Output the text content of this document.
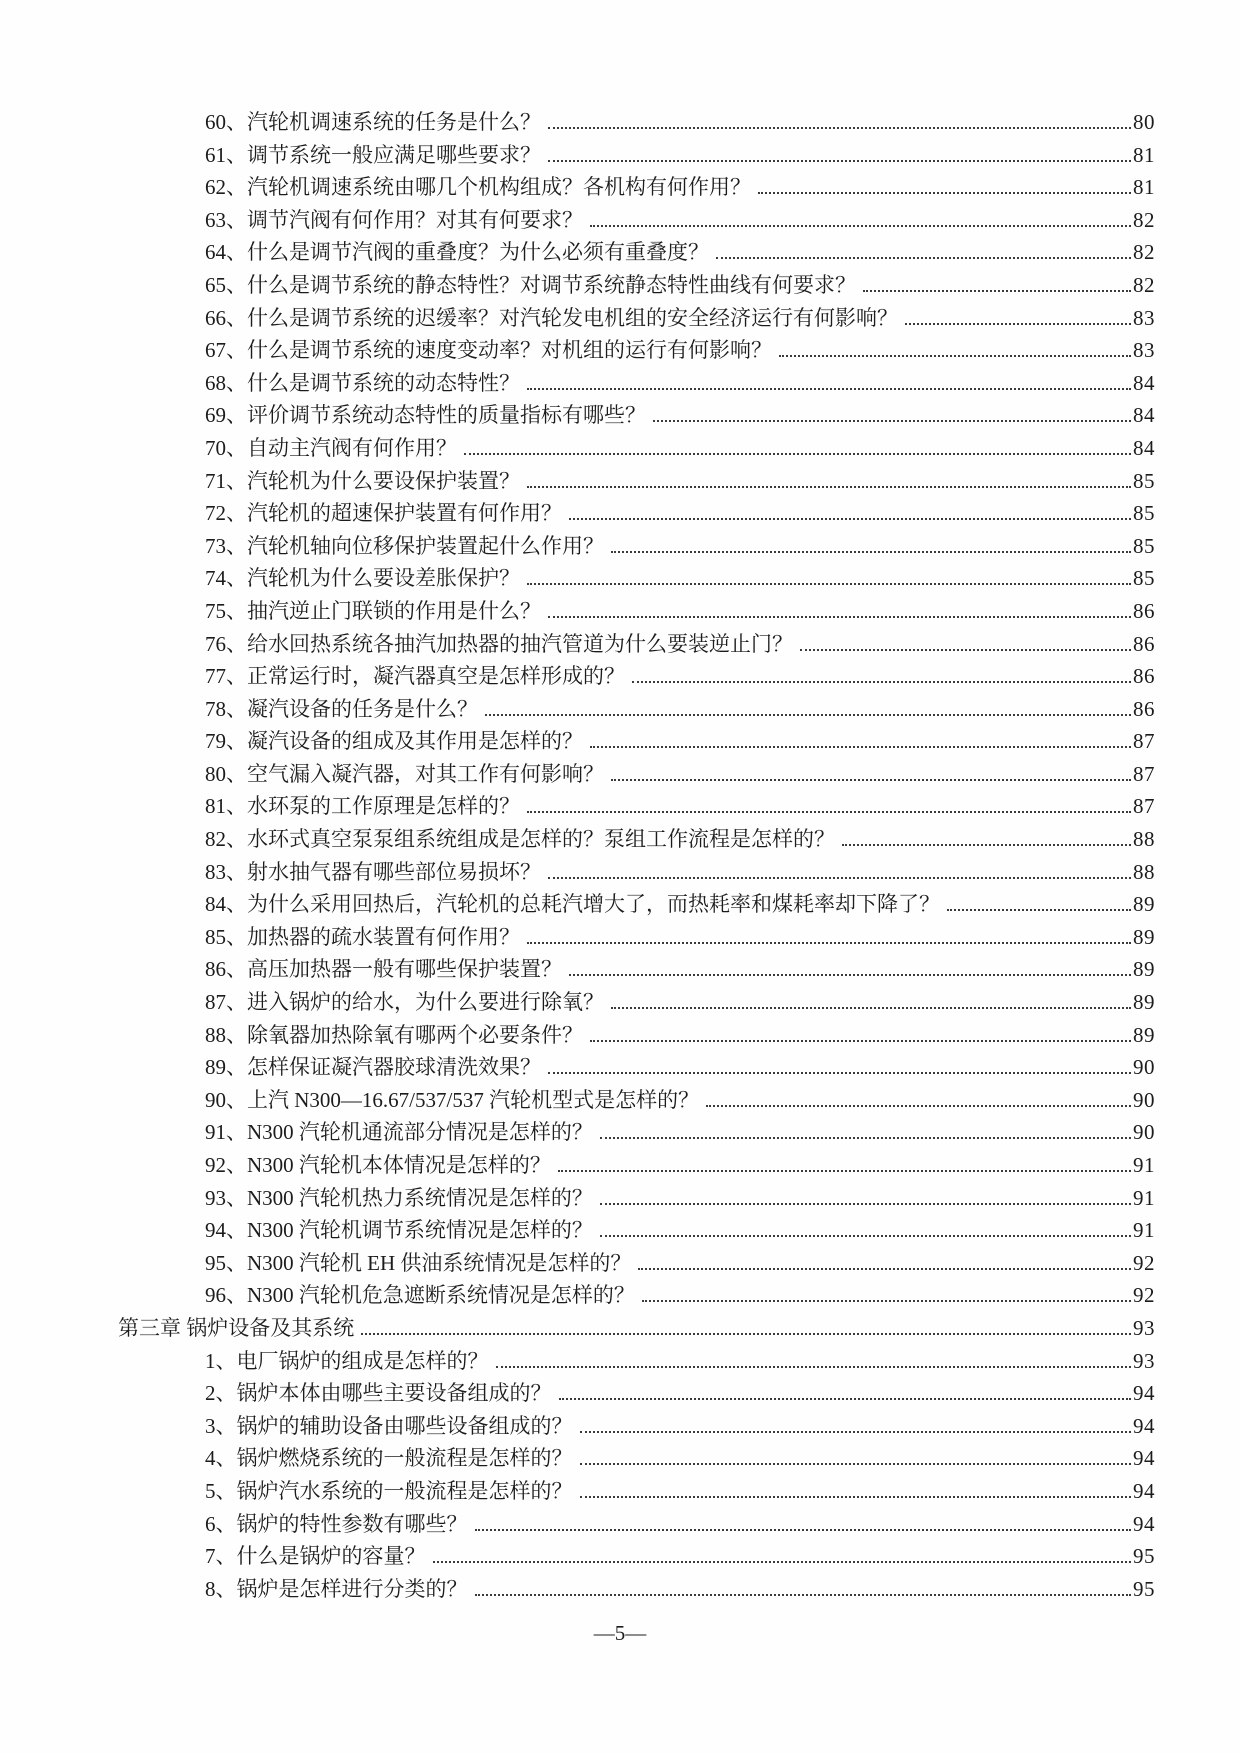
60、汽轮机调速系统的任务是什么？	80
61、调节系统一般应满足哪些要求？	81
62、汽轮机调速系统由哪几个机构组成？各机构有何作用？	81
63、调节汽阀有何作用？对其有何要求？	82
64、什么是调节汽阀的重叠度？为什么必须有重叠度？	82
65、什么是调节系统的静态特性？对调节系统静态特性曲线有何要求？	82
66、什么是调节系统的迟缓率？对汽轮发电机组的安全经济运行有何影响？	83
67、什么是调节系统的速度变动率？对机组的运行有何影响？	83
68、什么是调节系统的动态特性？	84
69、评价调节系统动态特性的质量指标有哪些？	84
70、自动主汽阀有何作用？	84
71、汽轮机为什么要设保护装置？	85
72、汽轮机的超速保护装置有何作用？	85
73、汽轮机轴向位移保护装置起什么作用？	85
74、汽轮机为什么要设差胀保护？	85
75、抽汽逆止门联锁的作用是什么？	86
76、给水回热系统各抽汽加热器的抽汽管道为什么要装逆止门？	86
77、正常运行时，凝汽器真空是怎样形成的？	86
78、凝汽设备的任务是什么？	86
79、凝汽设备的组成及其作用是怎样的？	87
80、空气漏入凝汽器，对其工作有何影响？	87
81、水环泵的工作原理是怎样的？	87
82、水环式真空泵泵组系统组成是怎样的？泵组工作流程是怎样的？	88
83、射水抽气器有哪些部位易损坏？	88
84、为什么采用回热后，汽轮机的总耗汽增大了，而热耗率和煤耗率却下降了？	89
85、加热器的疏水装置有何作用？	89
86、高压加热器一般有哪些保护装置？	89
87、进入锅炉的给水，为什么要进行除氧？	89
88、除氧器加热除氧有哪两个必要条件？	89
89、怎样保证凝汽器胶球清洗效果？	90
90、上汽 N300—16.67/537/537 汽轮机型式是怎样的？	90
91、N300 汽轮机通流部分情况是怎样的？	90
92、N300 汽轮机本体情况是怎样的？	91
93、N300 汽轮机热力系统情况是怎样的？	91
94、N300 汽轮机调节系统情况是怎样的？	91
95、N300 汽轮机 EH 供油系统情况是怎样的？	92
96、N300 汽轮机危急遮断系统情况是怎样的？	92
第三章 锅炉设备及其系统	93
1、电厂锅炉的组成是怎样的？	93
2、锅炉本体由哪些主要设备组成的？	94
3、锅炉的辅助设备由哪些设备组成的？	94
4、锅炉燃烧系统的一般流程是怎样的？	94
5、锅炉汽水系统的一般流程是怎样的？	94
6、锅炉的特性参数有哪些？	94
7、什么是锅炉的容量？	95
8、锅炉是怎样进行分类的？	95
—5—
